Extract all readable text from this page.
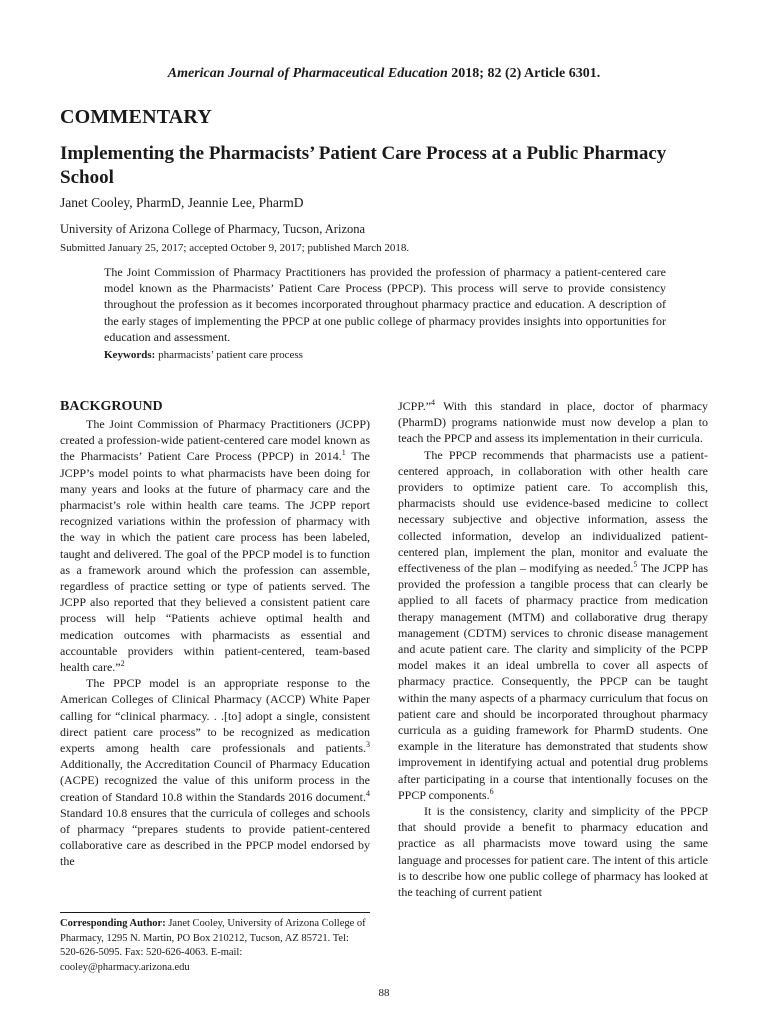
American Journal of Pharmaceutical Education 2018; 82 (2) Article 6301.
COMMENTARY
Implementing the Pharmacists’ Patient Care Process at a Public Pharmacy School
Janet Cooley, PharmD, Jeannie Lee, PharmD
University of Arizona College of Pharmacy, Tucson, Arizona
Submitted January 25, 2017; accepted October 9, 2017; published March 2018.

The Joint Commission of Pharmacy Practitioners has provided the profession of pharmacy a patient-centered care model known as the Pharmacists’ Patient Care Process (PPCP). This process will serve to provide consistency throughout the profession as it becomes incorporated throughout pharmacy practice and education. A description of the early stages of implementing the PPCP at one public college of pharmacy provides insights into opportunities for education and assessment.

Keywords: pharmacists’ patient care process

BACKGROUND

The Joint Commission of Pharmacy Practitioners (JCPP) created a profession-wide patient-centered care model known as the Pharmacists’ Patient Care Process (PPCP) in 2014.$^1$ The JCPP’s model points to what pharmacists have been doing for many years and looks at the future of pharmacy care and the pharmacist’s role within health care teams. The JCPP report recognized variations within the profession of pharmacy with the way in which the patient care process has been labeled, taught and delivered. The goal of the PPCP model is to function as a framework around which the profession can assemble, regardless of practice setting or type of patients served. The JCPP also reported that they believed a consistent patient care process will help “Patients achieve optimal health and medication outcomes with pharmacists as essential and accountable providers within patient-centered, team-based health care.”$^2$

The PPCP model is an appropriate response to the American Colleges of Clinical Pharmacy (ACCP) White Paper calling for “clinical pharmacy. . .[to] adopt a single, consistent direct patient care process” to be recognized as medication experts among health care professionals and patients.$^3$ Additionally, the Accreditation Council of Pharmacy Education (ACPE) recognized the value of this uniform process in the creation of Standard 10.8 within the Standards 2016 document.$^4$ Standard 10.8 ensures that the curricula of colleges and schools of pharmacy “prepares students to provide patient-centered collaborative care as described in the PPCP model endorsed by the

JCPP.”$^4$ With this standard in place, doctor of pharmacy (PharmD) programs nationwide must now develop a plan to teach the PPCP and assess its implementation in their curricula.

The PPCP recommends that pharmacists use a patient-centered approach, in collaboration with other health care providers to optimize patient care. To accomplish this, pharmacists should use evidence-based medicine to collect necessary subjective and objective information, assess the collected information, develop an individualized patient-centered plan, implement the plan, monitor and evaluate the effectiveness of the plan – modifying as needed.$^5$ The JCPP has provided the profession a tangible process that can clearly be applied to all facets of pharmacy practice from medication therapy management (MTM) and collaborative drug therapy management (CDTM) services to chronic disease management and acute patient care. The clarity and simplicity of the PCPP model makes it an ideal umbrella to cover all aspects of pharmacy practice. Consequently, the PPCP can be taught within the many aspects of a pharmacy curriculum that focus on patient care and should be incorporated throughout pharmacy curricula as a guiding framework for PharmD students. One example in the literature has demonstrated that students show improvement in identifying actual and potential drug problems after participating in a course that intentionally focuses on the PPCP components.$^6$

It is the consistency, clarity and simplicity of the PPCP that should provide a benefit to pharmacy education and practice as all pharmacists move toward using the same language and processes for patient care. The intent of this article is to describe how one public college of pharmacy has looked at the teaching of current patient

Corresponding Author: Janet Cooley, University of Arizona College of Pharmacy, 1295 N. Martin, PO Box 210212, Tucson, AZ 85721. Tel: 520-626-5095. Fax: 520-626-4063. E-mail: cooley@pharmacy.arizona.edu
88
